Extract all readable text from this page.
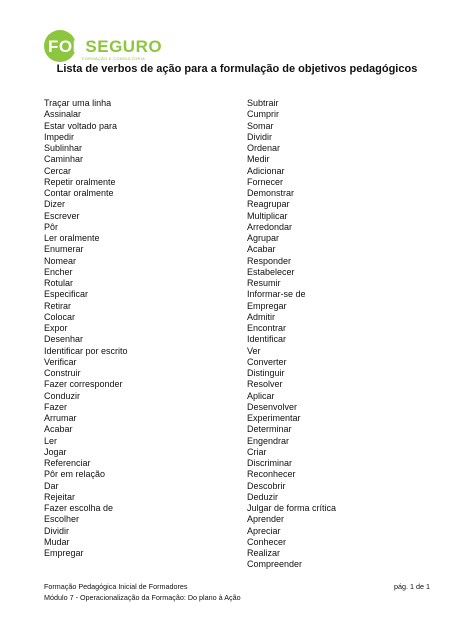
FORSEGURO
FORMAÇÃO E CONSULTORIA
Lista de verbos de ação para a formulação de objetivos pedagógicos
Traçar uma linha
Assinalar
Estar voltado para
Impedir
Sublinhar
Caminhar
Cercar
Repetir oralmente
Contar oralmente
Dizer
Escrever
Pôr
Ler oralmente
Enumerar
Nomear
Encher
Rotular
Especificar
Retirar
Colocar
Expor
Desenhar
Identificar por escrito
Verificar
Construir
Fazer corresponder
Conduzir
Fazer
Arrumar
Acabar
Ler
Jogar
Referenciar
Pôr em relação
Dar
Rejeitar
Fazer escolha de
Escolher
Dividir
Mudar
Empregar
Subtrair
Cumprir
Somar
Dividir
Ordenar
Medir
Adicionar
Fornecer
Demonstrar
Reagrupar
Multiplicar
Arredondar
Agrupar
Acabar
Responder
Estabelecer
Resumir
Informar-se de
Empregar
Admitir
Encontrar
Identificar
Ver
Converter
Distinguir
Resolver
Aplicar
Desenvolver
Experimentar
Determinar
Engendrar
Criar
Discriminar
Reconhecer
Descobrir
Deduzir
Julgar de forma crítica
Aprender
Apreciar
Conhecer
Realizar
Compreender
Formação Pedagógica Inicial de Formadores	pág. 1 de 1
Módulo 7 - Operacionalização da Formação: Do plano à Ação
